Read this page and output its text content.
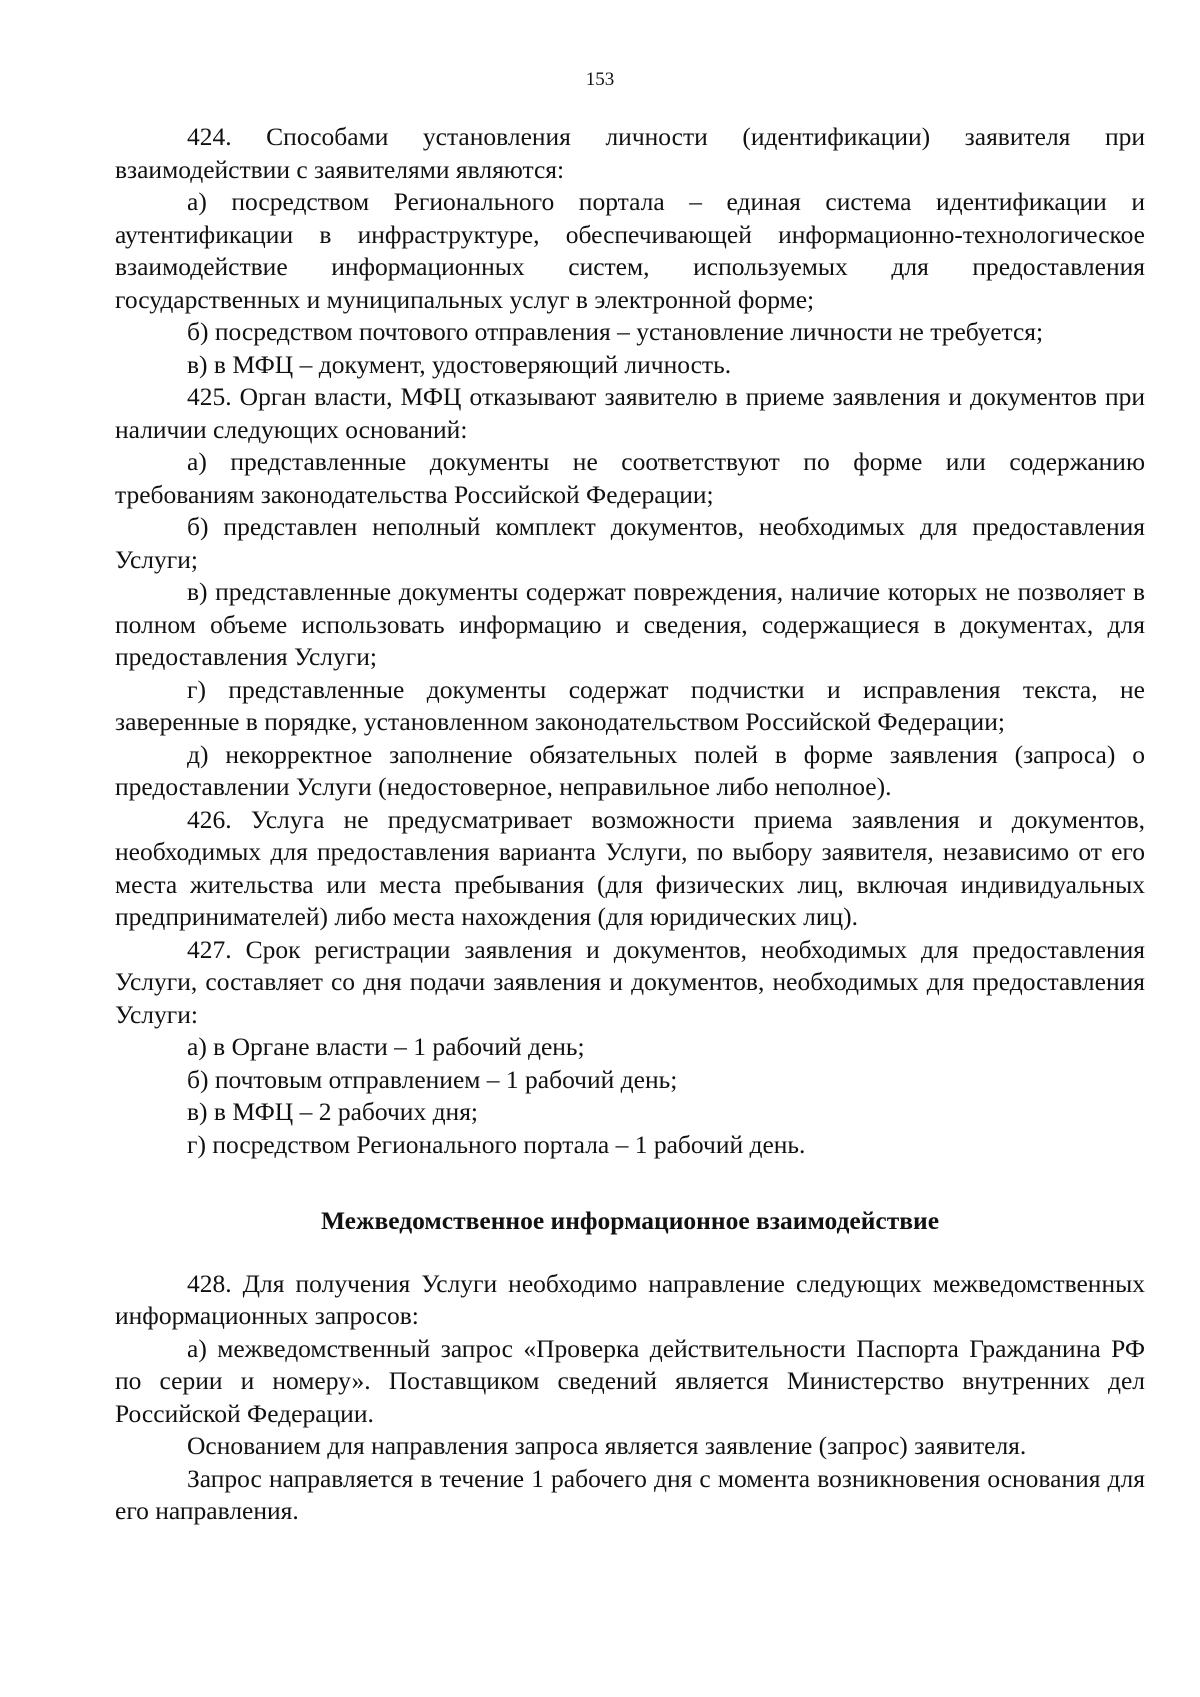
153

424. Способами установления личности (идентификации) заявителя при взаимодействии с заявителями являются:

а) посредством Регионального портала – единая система идентификации и аутентификации в инфраструктуре, обеспечивающей информационно-технологическое взаимодействие информационных систем, используемых для предоставления государственных и муниципальных услуг в электронной форме;

б) посредством почтового отправления – установление личности не требуется;

в) в МФЦ – документ, удостоверяющий личность.

425. Орган власти, МФЦ отказывают заявителю в приеме заявления и документов при наличии следующих оснований:

а) представленные документы не соответствуют по форме или содержанию требованиям законодательства Российской Федерации;

б) представлен неполный комплект документов, необходимых для предоставления Услуги;

в) представленные документы содержат повреждения, наличие которых не позволяет в полном объеме использовать информацию и сведения, содержащиеся в документах, для предоставления Услуги;

г) представленные документы содержат подчистки и исправления текста, не заверенные в порядке, установленном законодательством Российской Федерации;

д) некорректное заполнение обязательных полей в форме заявления (запроса) о предоставлении Услуги (недостоверное, неправильное либо неполное).

426. Услуга не предусматривает возможности приема заявления и документов, необходимых для предоставления варианта Услуги, по выбору заявителя, независимо от его места жительства или места пребывания (для физических лиц, включая индивидуальных предпринимателей) либо места нахождения (для юридических лиц).

427. Срок регистрации заявления и документов, необходимых для предоставления Услуги, составляет со дня подачи заявления и документов, необходимых для предоставления Услуги:

а) в Органе власти – 1 рабочий день;

б) почтовым отправлением – 1 рабочий день;

в) в МФЦ – 2 рабочих дня;

г) посредством Регионального портала – 1 рабочий день.

Межведомственное информационное взаимодействие

428. Для получения Услуги необходимо направление следующих межведомственных информационных запросов:

а) межведомственный запрос «Проверка действительности Паспорта Гражданина РФ по серии и номеру». Поставщиком сведений является Министерство внутренних дел Российской Федерации.

Основанием для направления запроса является заявление (запрос) заявителя.

Запрос направляется в течение 1 рабочего дня с момента возникновения основания для его направления.
